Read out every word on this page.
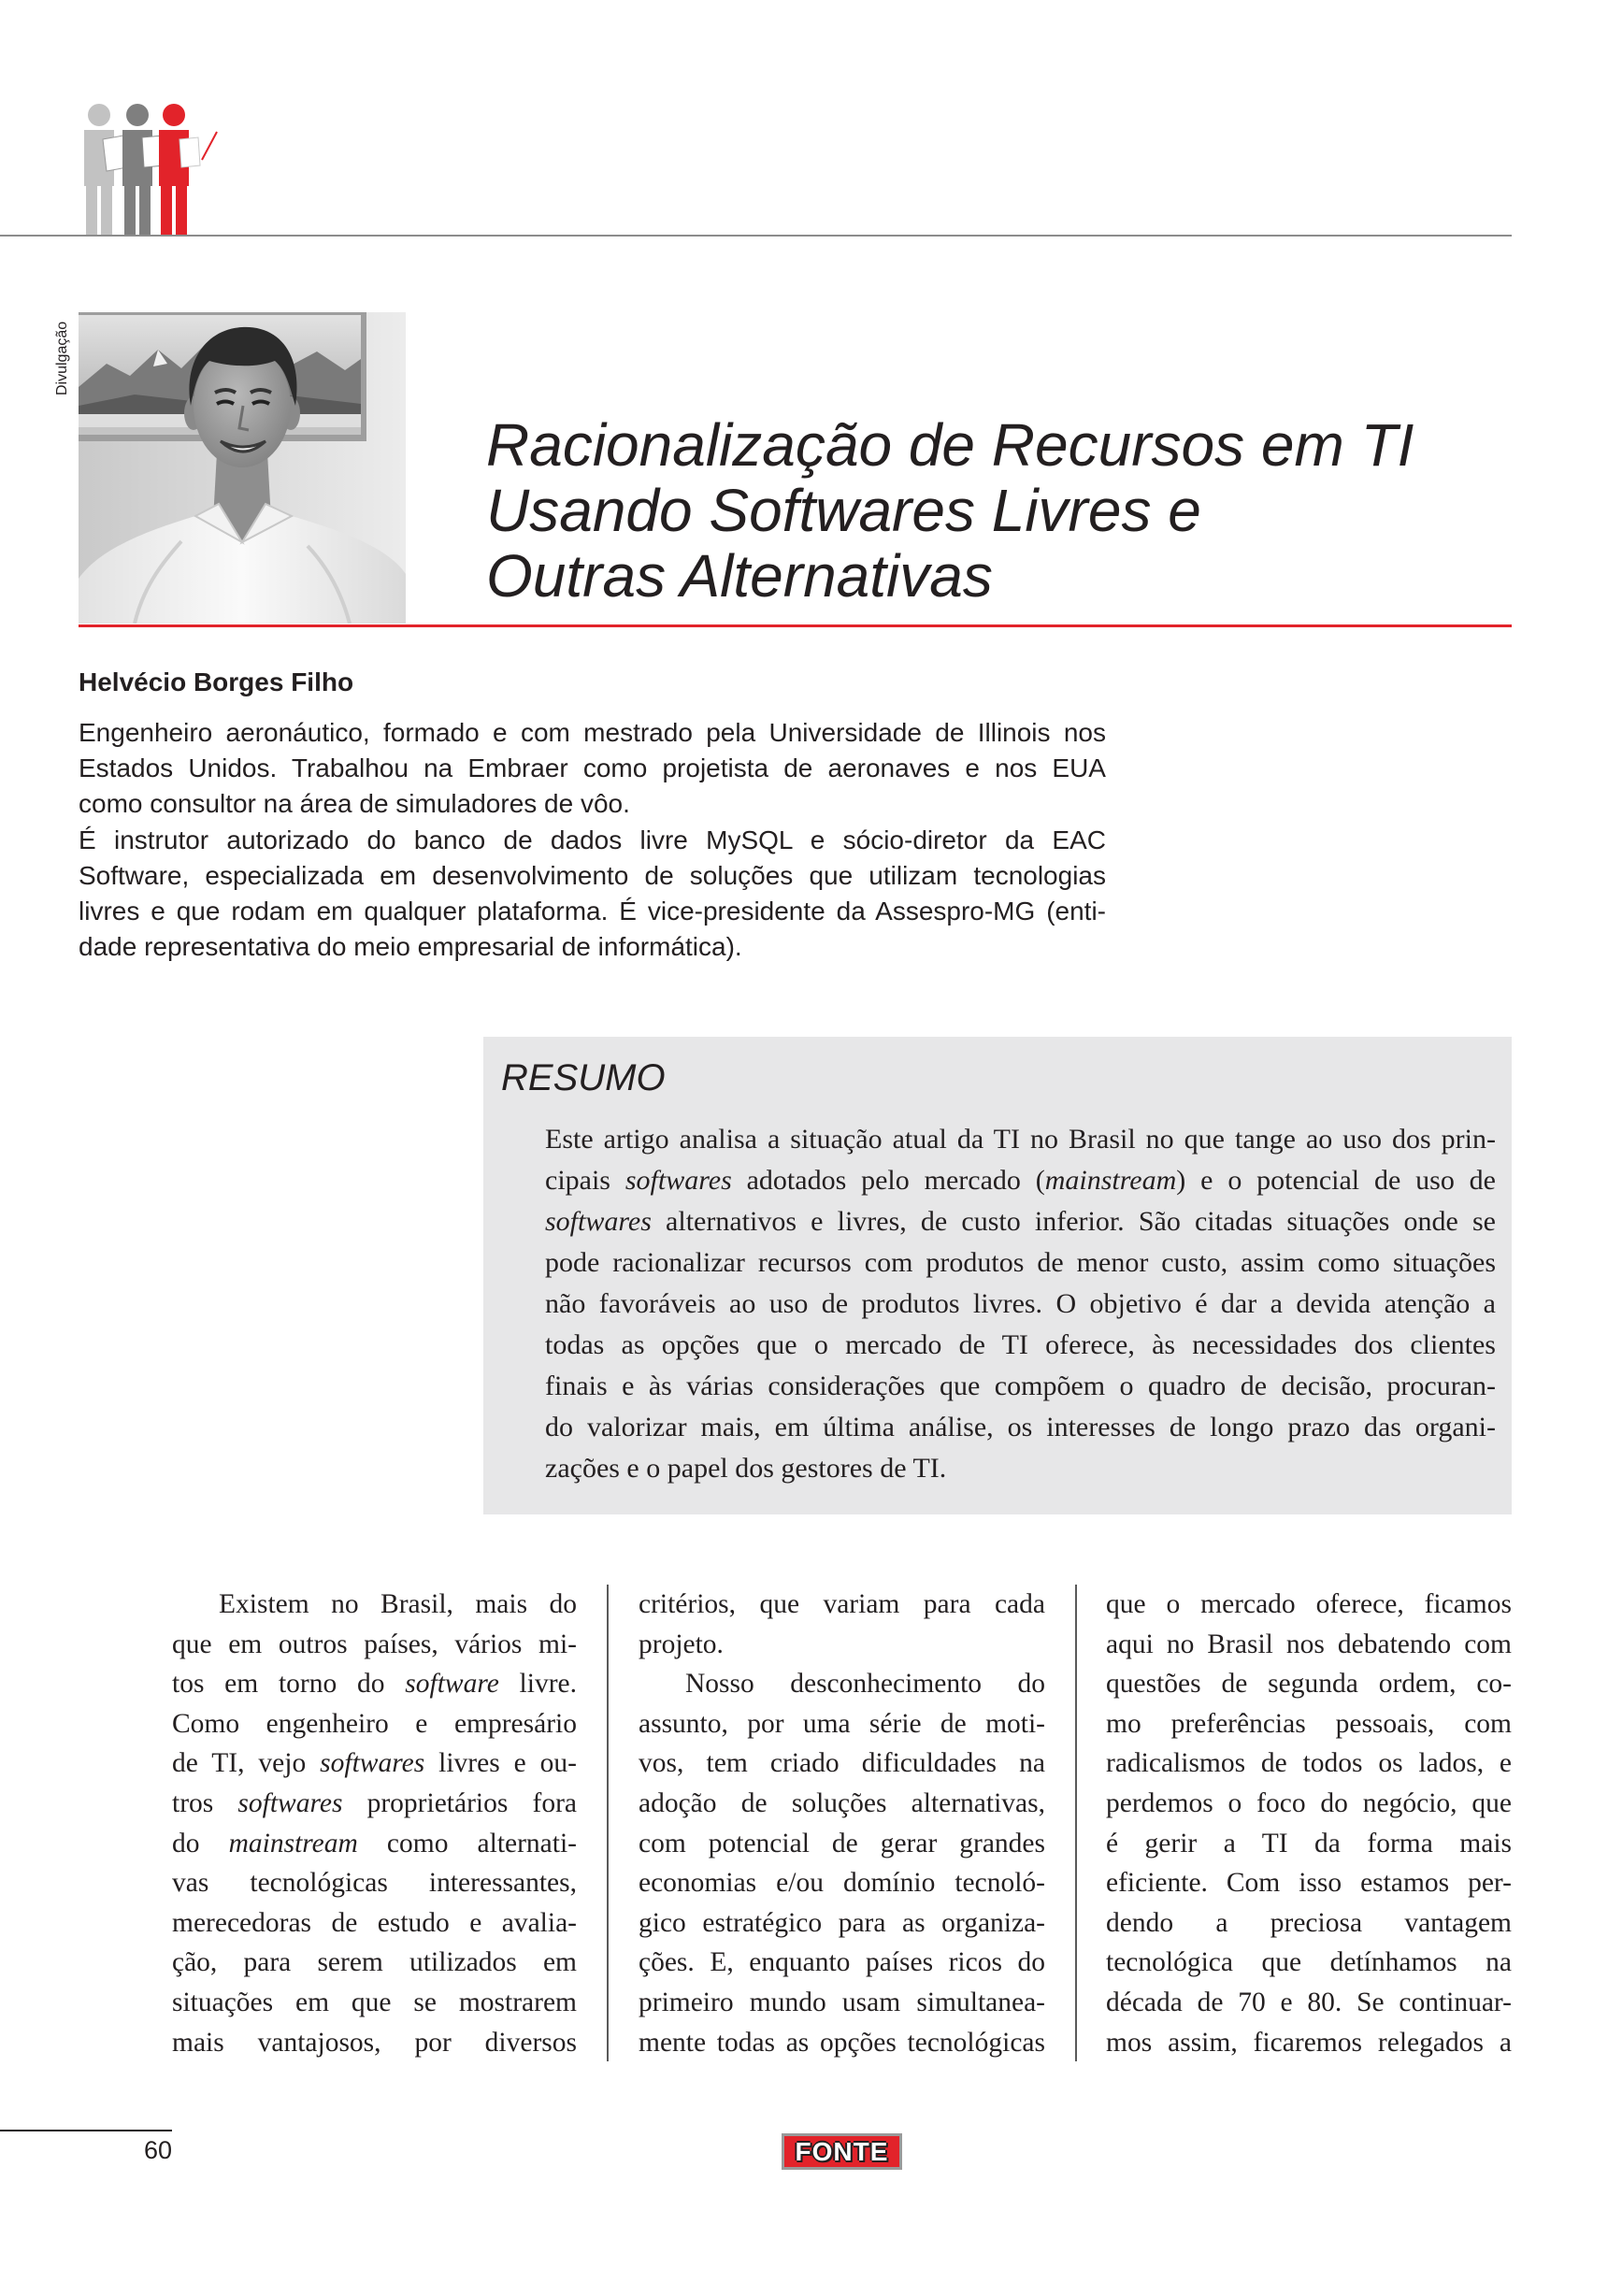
Divulgação
Racionalização de Recursos em TI
Usando Softwares Livres e
Outras Alternativas
Helvécio Borges Filho
Engenheiro aeronáutico, formado e com mestrado pela Universidade de Illinois nos
Estados Unidos. Trabalhou na Embraer como projetista de aeronaves e nos EUA
como consultor na área de simuladores de vôo.
É instrutor autorizado do banco de dados livre MySQL e sócio-diretor da EAC
Software, especializada em desenvolvimento de soluções que utilizam tecnologias
livres e que rodam em qualquer plataforma. É vice-presidente da Assespro-MG (enti-
dade representativa do meio empresarial de informática).
RESUMO
Este artigo analisa a situação atual da TI no Brasil no que tange ao uso dos prin-
cipais softwares adotados pelo mercado (mainstream) e o potencial de uso de
softwares alternativos e livres, de custo inferior. São citadas situações onde se
pode racionalizar recursos com produtos de menor custo, assim como situações
não favoráveis ao uso de produtos livres. O objetivo é dar a devida atenção a
todas as opções que o mercado de TI oferece, às necessidades dos clientes
finais e às várias considerações que compõem o quadro de decisão, procuran-
do valorizar mais, em última análise, os interesses de longo prazo das organi-
zações e o papel dos gestores de TI.
Existem no Brasil, mais do
que em outros países, vários mi-
tos em torno do software livre.
Como engenheiro e empresário
de TI, vejo softwares livres e ou-
tros softwares proprietários fora
do mainstream como alternati-
vas tecnológicas interessantes,
merecedoras de estudo e avalia-
ção, para serem utilizados em
situações em que se mostrarem
mais vantajosos, por diversos
critérios, que variam para cada
projeto.
Nosso desconhecimento do
assunto, por uma série de moti-
vos, tem criado dificuldades na
adoção de soluções alternativas,
com potencial de gerar grandes
economias e/ou domínio tecnoló-
gico estratégico para as organiza-
ções. E, enquanto países ricos do
primeiro mundo usam simultanea-
mente todas as opções tecnológicas
que o mercado oferece, ficamos
aqui no Brasil nos debatendo com
questões de segunda ordem, co-
mo preferências pessoais, com
radicalismos de todos os lados, e
perdemos o foco do negócio, que
é gerir a TI da forma mais
eficiente. Com isso estamos per-
dendo a preciosa vantagem
tecnológica que detínhamos na
década de 70 e 80. Se continuar-
mos assim, ficaremos relegados a
60	FONTE
